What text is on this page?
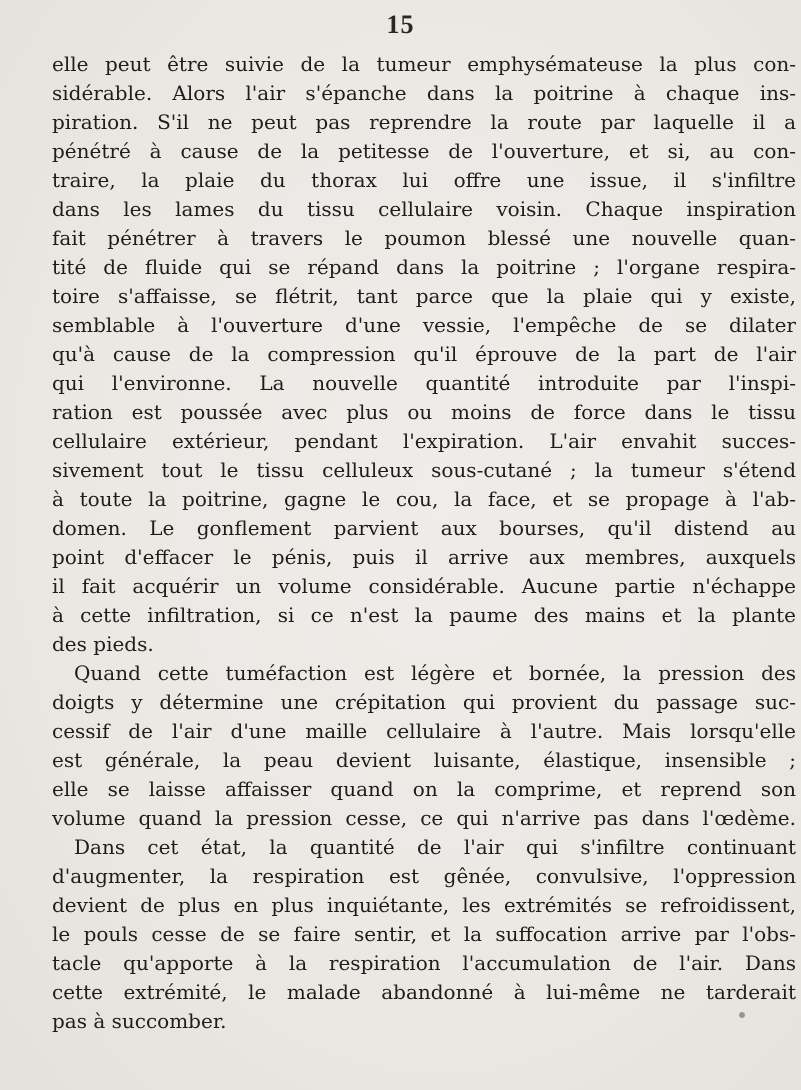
15
elle peut être suivie de la tumeur emphysémateuse la plus con-
sidérable. Alors l'air s'épanche dans la poitrine à chaque ins-
piration. S'il ne peut pas reprendre la route par laquelle il a
pénétré à cause de la petitesse de l'ouverture, et si, au con-
traire, la plaie du thorax lui offre une issue, il s'infiltre
dans les lames du tissu cellulaire voisin. Chaque inspiration
fait pénétrer à travers le poumon blessé une nouvelle quan-
tité de fluide qui se répand dans la poitrine ; l'organe respira-
toire s'affaisse, se flétrit, tant parce que la plaie qui y existe,
semblable à l'ouverture d'une vessie, l'empêche de se dilater
qu'à cause de la compression qu'il éprouve de la part de l'air
qui l'environne. La nouvelle quantité introduite par l'inspi-
ration est poussée avec plus ou moins de force dans le tissu
cellulaire extérieur, pendant l'expiration. L'air envahit succes-
sivement tout le tissu celluleux sous-cutané ; la tumeur s'étend
à toute la poitrine, gagne le cou, la face, et se propage à l'ab-
domen. Le gonflement parvient aux bourses, qu'il distend au
point d'effacer le pénis, puis il arrive aux membres, auxquels
il fait acquérir un volume considérable. Aucune partie n'échappe
à cette infiltration, si ce n'est la paume des mains et la plante
des pieds.
Quand cette tuméfaction est légère et bornée, la pression des
doigts y détermine une crépitation qui provient du passage suc-
cessif de l'air d'une maille cellulaire à l'autre. Mais lorsqu'elle
est générale, la peau devient luisante, élastique, insensible ;
elle se laisse affaisser quand on la comprime, et reprend son
volume quand la pression cesse, ce qui n'arrive pas dans l'œdème.
Dans cet état, la quantité de l'air qui s'infiltre continuant
d'augmenter, la respiration est gênée, convulsive, l'oppression
devient de plus en plus inquiétante, les extrémités se refroidissent,
le pouls cesse de se faire sentir, et la suffocation arrive par l'obs-
tacle qu'apporte à la respiration l'accumulation de l'air. Dans
cette extrémité, le malade abandonné à lui-même ne tarderait
pas à succomber.
